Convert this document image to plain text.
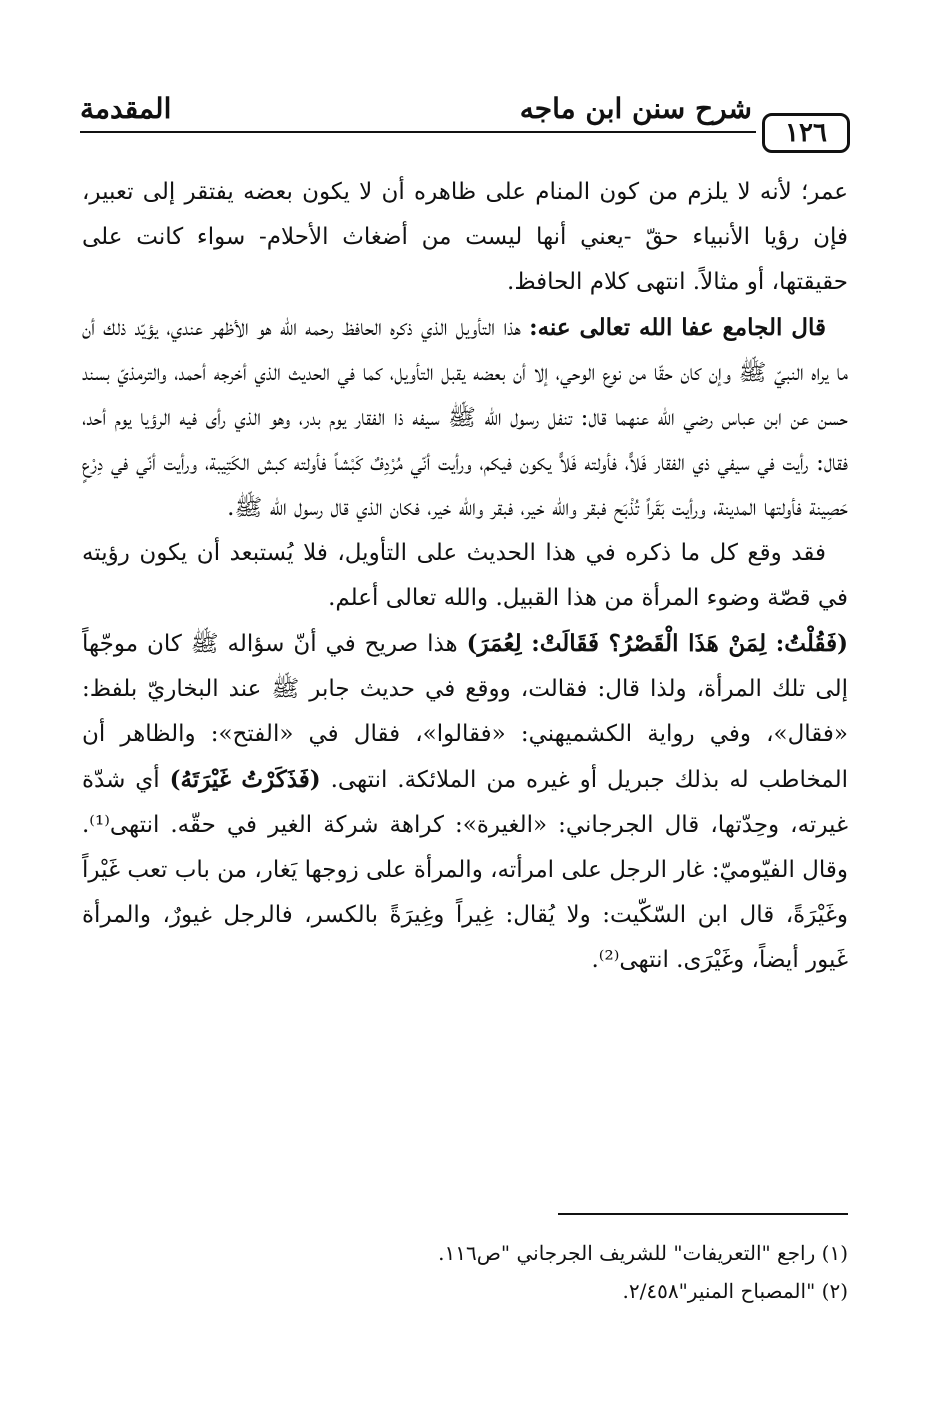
المقدمة	شرح سنن ابن ماجه
١٢٦

عمر؛ لأنه لا يلزم من كون المنام على ظاهره أن لا يكون بعضه يفتقر إلى تعبير، فإن رؤيا الأنبياء حقّ -يعني أنها ليست من أضغاث الأحلام- سواء كانت على حقيقتها، أو مثالاً. انتهى كلام الحافظ.

قال الجامع عفا الله تعالى عنه: هذا التأويل الذي ذكره الحافظ رحمه الله هو الأظهر عندي، يؤيّد ذلك أن ما يراه النبيّ ﷺ وإن كان حقّا من نوع الوحي، إلا أن بعضه يقبل التأويل، كما في الحديث الذي أخرجه أحمد، والترمذيّ بسند حسن عن ابن عباس رضي الله عنهما قال: تنفل رسول الله ﷺ سيفه ذا الفقار يوم بدر، وهو الذي رأى فيه الرؤيا يوم أحد، فقال: رأيت في سيفي ذي الفقار فَلاًّ، فأولته فَلاًّ يكون فيكم، ورأيت أنّي مُرْدِفٌ كَبْشاً فأولته كبش الكَتِيبة، ورأيت أنّي في دِرْعٍ حَصِينة فأولتها المدينة، ورأيت بَقَراً تُذْبَح فبقر والله خير، فبقر والله خير، فكان الذي قال رسول الله ﷺ.

فقد وقع كل ما ذكره في هذا الحديث على التأويل، فلا يُستبعد أن يكون رؤيته في قصّة وضوء المرأة من هذا القبيل. والله تعالى أعلم.

(فَقُلْتُ: لِمَنْ هَذَا الْقَصْرُ؟ فَقَالَتْ: لِعُمَرَ) هذا صريح في أنّ سؤاله ﷺ كان موجّهاً إلى تلك المرأة، ولذا قال: فقالت، ووقع في حديث جابر ﷺ عند البخاريّ بلفظ: «فقال»، وفي رواية الكشميهني: «فقالوا»، فقال في «الفتح»: والظاهر أن المخاطب له بذلك جبريل أو غيره من الملائكة. انتهى. (فَذَكَرْتُ غَيْرَتَهُ) أي شدّة غيرته، وحِدّتها، قال الجرجاني: «الغيرة»: كراهة شركة الغير في حقّه. انتهى⁽¹⁾. وقال الفيّوميّ: غار الرجل على امرأته، والمرأة على زوجها يَغار، من باب تعب غَيْراً وغَيْرَةً، قال ابن السّكّيت: ولا يُقال: غِيراً وغِيرَةً بالكسر، فالرجل غيورٌ، والمرأة غَيور أيضاً، وغَيْرَى. انتهى⁽²⁾.

(١) راجع "التعريفات" للشريف الجرجاني "ص١١٦.

(٢) "المصباح المنير"٢/٤٥٨.
